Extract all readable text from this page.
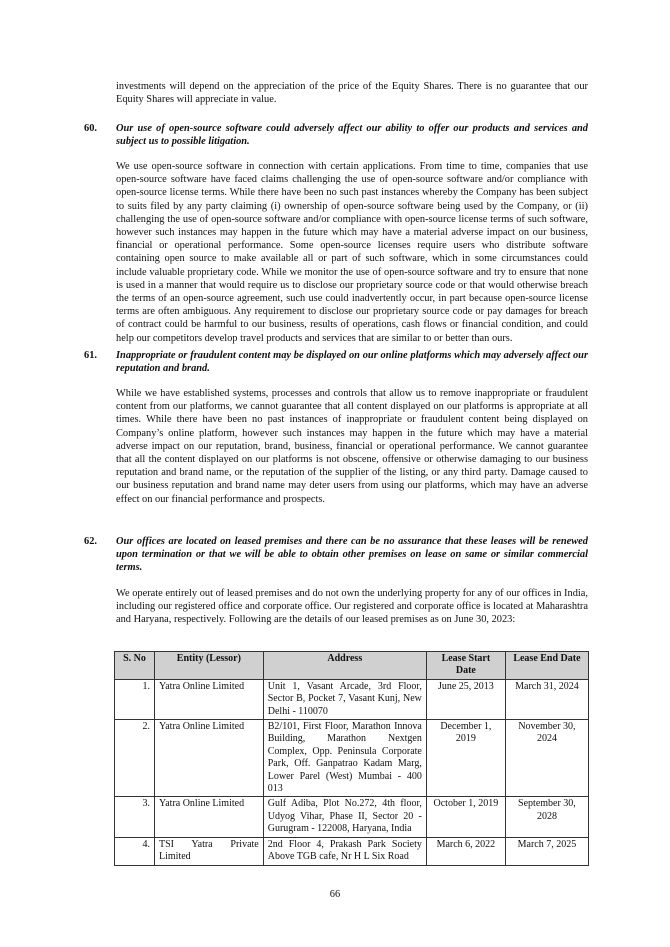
investments will depend on the appreciation of the price of the Equity Shares. There is no guarantee that our Equity Shares will appreciate in value.

60.	Our use of open-source software could adversely affect our ability to offer our products and services and subject us to possible litigation.

We use open-source software in connection with certain applications. From time to time, companies that use open-source software have faced claims challenging the use of open-source software and/or compliance with open-source license terms. While there have been no such past instances whereby the Company has been subject to suits filed by any party claiming (i) ownership of open-source software being used by the Company, or (ii) challenging the use of open-source software and/or compliance with open-source license terms of such software, however such instances may happen in the future which may have a material adverse impact on our business, financial or operational performance. Some open-source licenses require users who distribute software containing open source to make available all or part of such software, which in some circumstances could include valuable proprietary code. While we monitor the use of open-source software and try to ensure that none is used in a manner that would require us to disclose our proprietary source code or that would otherwise breach the terms of an open-source agreement, such use could inadvertently occur, in part because open-source license terms are often ambiguous. Any requirement to disclose our proprietary source code or pay damages for breach of contract could be harmful to our business, results of operations, cash flows or financial condition, and could help our competitors develop travel products and services that are similar to or better than ours.

61.	Inappropriate or fraudulent content may be displayed on our online platforms which may adversely affect our reputation and brand.

While we have established systems, processes and controls that allow us to remove inappropriate or fraudulent content from our platforms, we cannot guarantee that all content displayed on our platforms is appropriate at all times. While there have been no past instances of inappropriate or fraudulent content being displayed on Company’s online platform, however such instances may happen in the future which may have a material adverse impact on our reputation, brand, business, financial or operational performance. We cannot guarantee that all the content displayed on our platforms is not obscene, offensive or otherwise damaging to our business reputation and brand name, or the reputation of the supplier of the listing, or any third party. Damage caused to our business reputation and brand name may deter users from using our platforms, which may have an adverse effect on our financial performance and prospects.

62.	Our offices are located on leased premises and there can be no assurance that these leases will be renewed upon termination or that we will be able to obtain other premises on lease on same or similar commercial terms.

We operate entirely out of leased premises and do not own the underlying property for any of our offices in India, including our registered office and corporate office. Our registered and corporate office is located at Maharashtra and Haryana, respectively. Following are the details of our leased premises as on June 30, 2023:

S. No	Entity (Lessor)	Address	Lease Start Date	Lease End Date
1.	Yatra Online Limited	Unit 1, Vasant Arcade, 3rd Floor, Sector B, Pocket 7, Vasant Kunj, New Delhi - 110070	June 25, 2013	March 31, 2024
2.	Yatra Online Limited	B2/101, First Floor, Marathon Innova Building, Marathon Nextgen Complex, Opp. Peninsula Corporate Park, Off. Ganpatrao Kadam Marg, Lower Parel (West) Mumbai - 400 013	December 1, 2019	November 30, 2024
3.	Yatra Online Limited	Gulf Adiba, Plot No.272, 4th floor, Udyog Vihar, Phase II, Sector 20 - Gurugram - 122008, Haryana, India	October 1, 2019	September 30, 2028
4.	TSI Yatra Private Limited	2nd Floor 4, Prakash Park Society Above TGB cafe, Nr H L Six Road	March 6, 2022	March 7, 2025
66
